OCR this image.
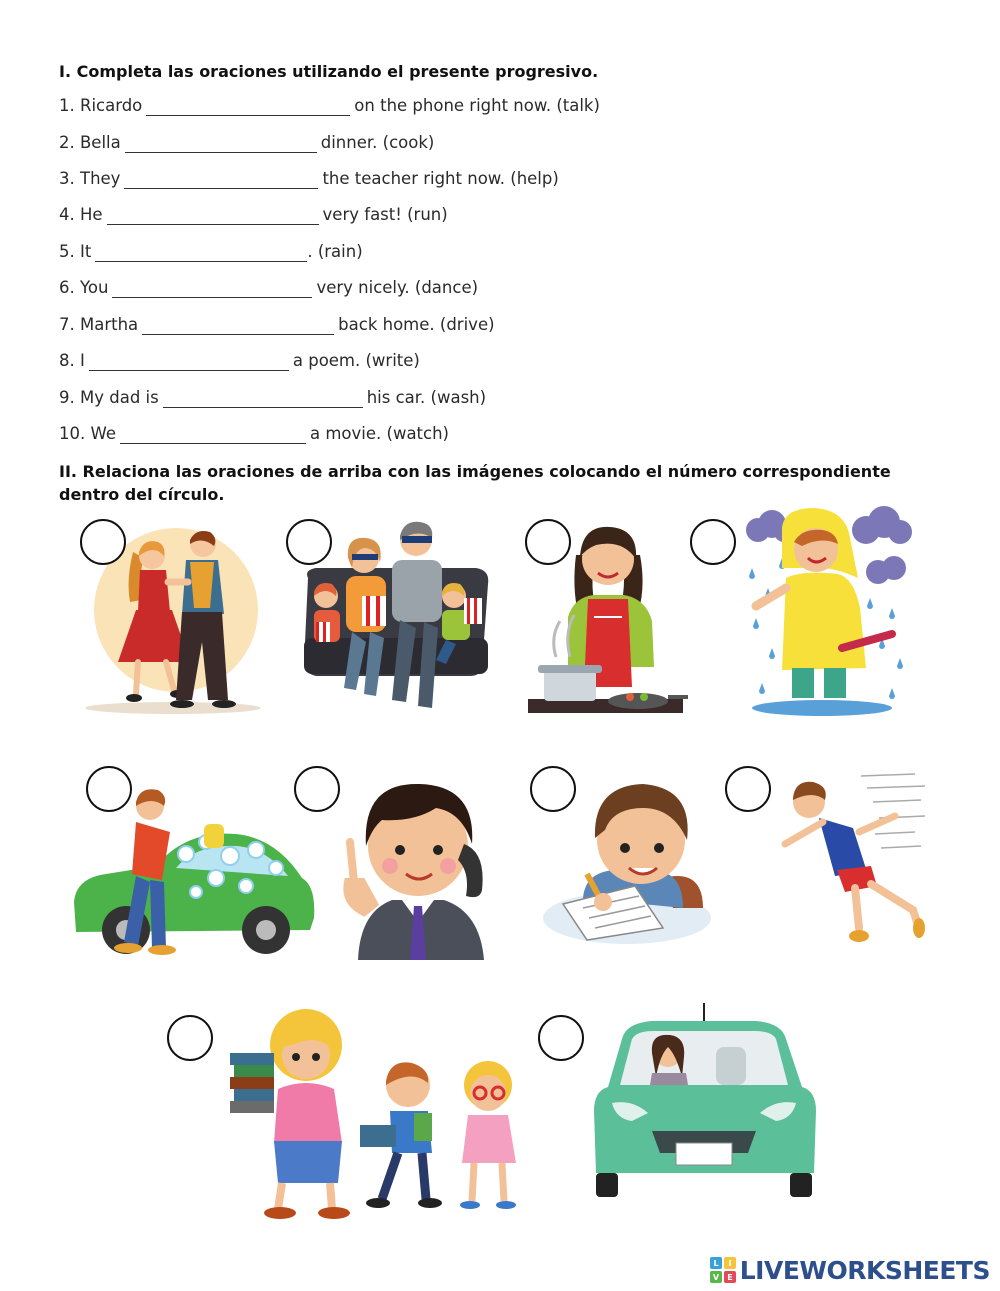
I. Completa las oraciones utilizando el presente progresivo.
1. Ricardo	on the phone right now. (talk)
2. Bella	dinner. (cook)
3. They	the teacher right now. (help)
4. He	very fast! (run)
5. It	. (rain)
6. You	very nicely. (dance)
7. Martha	back home. (drive)
8. I	a poem. (write)
9. My dad is	his car. (wash)
10. We	a movie. (watch)
II. Relaciona las oraciones de arriba con las imágenes colocando el número correspondiente dentro del círculo.
L I
V E LIVEWORKSHEETS
